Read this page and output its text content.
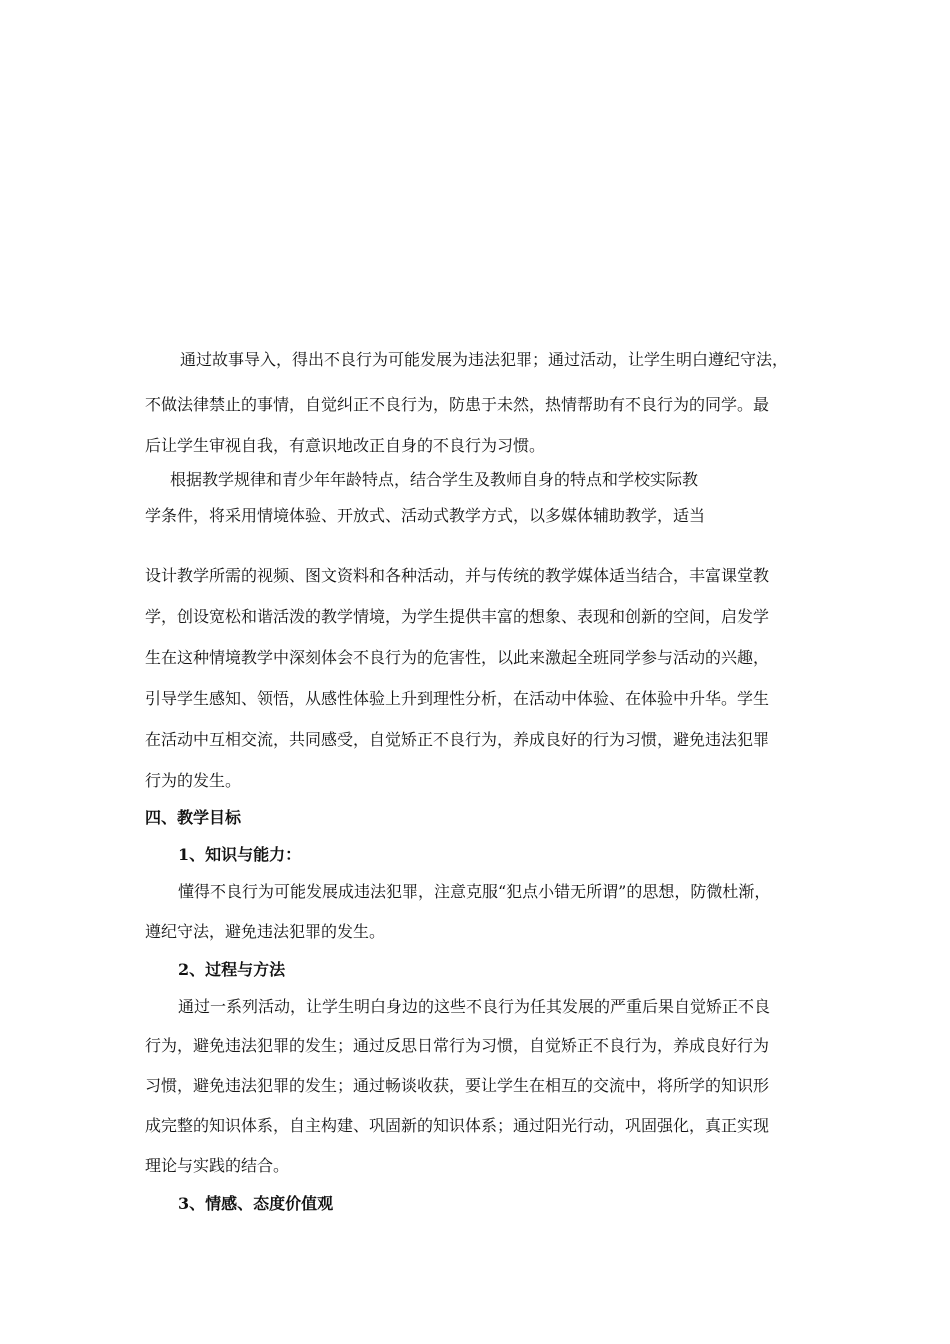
通过故事导入，得出不良行为可能发展为违法犯罪；通过活动，让学生明白遵纪守法，
不做法律禁止的事情，自觉纠正不良行为，防患于未然，热情帮助有不良行为的同学。最
后让学生审视自我，有意识地改正自身的不良行为习惯。
根据教学规律和青少年年龄特点，结合学生及教师自身的特点和学校实际教
学条件，将采用情境体验、开放式、活动式教学方式，以多媒体辅助教学，适当
设计教学所需的视频、图文资料和各种活动，并与传统的教学媒体适当结合，丰富课堂教
学，创设宽松和谐活泼的教学情境，为学生提供丰富的想象、表现和创新的空间，启发学
生在这种情境教学中深刻体会不良行为的危害性，以此来激起全班同学参与活动的兴趣，
引导学生感知、领悟，从感性体验上升到理性分析，在活动中体验、在体验中升华。学生
在活动中互相交流，共同感受，自觉矫正不良行为，养成良好的行为习惯，避免违法犯罪
行为的发生。
四、教学目标
1、知识与能力：
懂得不良行为可能发展成违法犯罪，注意克服“犯点小错无所谓”的思想，防微杜渐，
遵纪守法，避免违法犯罪的发生。
2、过程与方法
通过一系列活动，让学生明白身边的这些不良行为任其发展的严重后果自觉矫正不良
行为，避免违法犯罪的发生；通过反思日常行为习惯，自觉矫正不良行为，养成良好行为
习惯，避免违法犯罪的发生；通过畅谈收获，要让学生在相互的交流中，将所学的知识形
成完整的知识体系，自主构建、巩固新的知识体系；通过阳光行动，巩固强化，真正实现
理论与实践的结合。
3、情感、态度价值观
